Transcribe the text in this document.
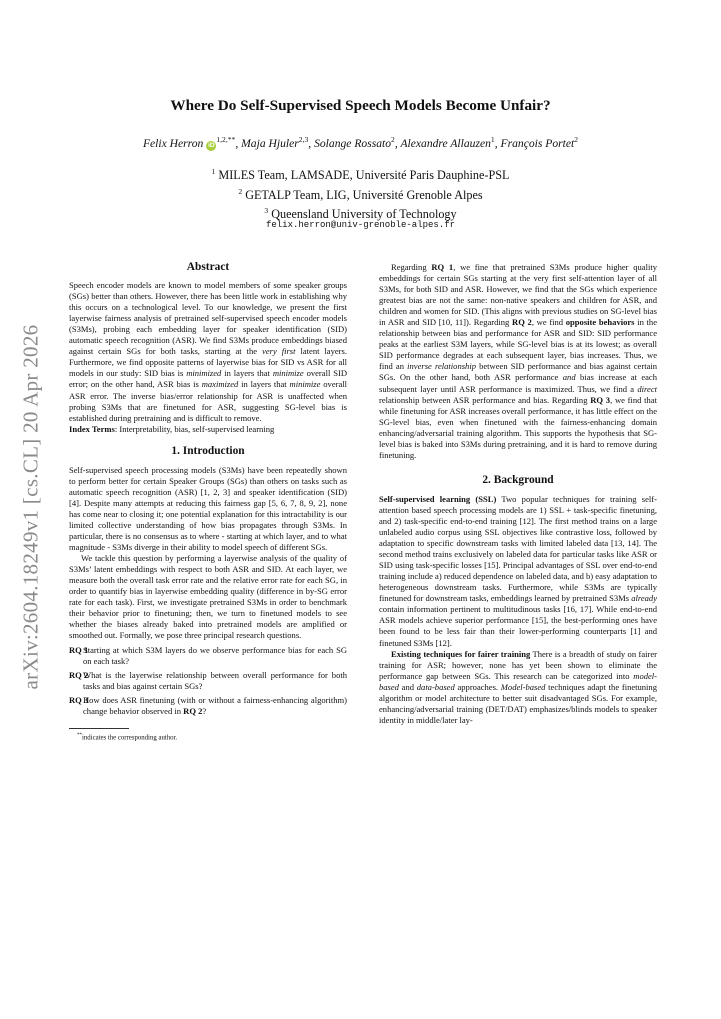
arXiv:2604.18249v1 [cs.CL] 20 Apr 2026
Where Do Self-Supervised Speech Models Become Unfair?
Felix Herron $iD^{1,2,**}$, Maja Hjuler$^{2,3}$, Solange Rossato$^2$, Alexandre Allauzen$^1$, François Portet$^2$
$^1$ MILES Team, LAMSADE, Université Paris Dauphine-PSL
$^2$ GETALP Team, LIG, Université Grenoble Alpes
$^3$ Queensland University of Technology
felix.herron@univ-grenoble-alpes.fr
Abstract

Speech encoder models are known to model members of some speaker groups (SGs) better than others. However, there has been little work in establishing why this occurs on a technological level. To our knowledge, we present the first layerwise fairness analysis of pretrained self-supervised speech encoder models (S3Ms), probing each embedding layer for speaker identification (SID) automatic speech recognition (ASR). We find S3Ms produce embeddings biased against certain SGs for both tasks, starting at the very first latent layers. Furthermore, we find opposite patterns of layerwise bias for SID vs ASR for all models in our study: SID bias is minimized in layers that minimize overall SID error; on the other hand, ASR bias is maximized in layers that minimize overall ASR error. The inverse bias/error relationship for ASR is unaffected when probing S3Ms that are finetuned for ASR, suggesting SG-level bias is established during pretraining and is difficult to remove.

Index Terms: Interpretability, bias, self-supervised learning

1. Introduction

Self-supervised speech processing models (S3Ms) have been repeatedly shown to perform better for certain Speaker Groups (SGs) than others on tasks such as automatic speech recognition (ASR) [1, 2, 3] and speaker identification (SID) [4]. Despite many attempts at reducing this fairness gap [5, 6, 7, 8, 9, 2], none has come near to closing it; one potential explanation for this intractability is our limited collective understanding of how bias propagates through S3Ms. In particular, there is no consensus as to where - starting at which layer, and to what magnitude - S3Ms diverge in their ability to model speech of different SGs.

We tackle this question by performing a layerwise analysis of the quality of S3Ms’ latent embeddings with respect to both ASR and SID. At each layer, we measure both the overall task error rate and the relative error rate for each SG, in order to quantify bias in layerwise embedding quality (difference in by-SG error rate for each task). First, we investigate pretrained S3Ms in order to benchmark their behavior prior to finetuning; then, we turn to finetuned models to see whether the biases already baked into pretrained models are amplified or smoothed out. Formally, we pose three principal research questions.

RQ 1
Starting at which S3M layers do we observe performance bias for each SG on each task?
RQ 2
What is the layerwise relationship between overall performance for both tasks and bias against certain SGs?
RQ 3
How does ASR finetuning (with or without a fairness-enhancing algorithm) change behavior observed in RQ 2?
**indicates the corresponding author.

Regarding RQ 1, we fine that pretrained S3Ms produce higher quality embeddings for certain SGs starting at the very first self-attention layer of all S3Ms, for both SID and ASR. However, we find that the SGs which experience greatest bias are not the same: non-native speakers and children for ASR, and children and women for SID. (This aligns with previous studies on SG-level bias in ASR and SID [10, 11]). Regarding RQ 2, we find opposite behaviors in the relationship between bias and performance for ASR and SID: SID performance peaks at the earliest S3M layers, while SG-level bias is at its lowest; as overall SID performance degrades at each subsequent layer, bias increases. Thus, we find an inverse relationship between SID performance and bias against certain SGs. On the other hand, both ASR performance and bias increase at each subsequent layer until ASR performance is maximized. Thus, we find a direct relationship between ASR performance and bias. Regarding RQ 3, we find that while finetuning for ASR increases overall performance, it has little effect on the SG-level bias, even when finetuned with the fairness-enhancing domain enhancing/adversarial training algorithm. This supports the hypothesis that SG-level bias is baked into S3Ms during pretraining, and it is hard to remove during finetuning.

2. Background

Self-supervised learning (SSL) Two popular techniques for training self-attention based speech processing models are 1) SSL + task-specific finetuning, and 2) task-specific end-to-end training [12]. The first method trains on a large unlabeled audio corpus using SSL objectives like contrastive loss, followed by adaptation to specific downstream tasks with limited labeled data [13, 14]. The second method trains exclusively on labeled data for particular tasks like ASR or SID using task-specific losses [15]. Principal advantages of SSL over end-to-end training include a) reduced dependence on labeled data, and b) easy adaptation to heterogeneous downstream tasks. Furthermore, while S3Ms are typically finetuned for downstream tasks, embeddings learned by pretrained S3Ms already contain information pertinent to multitudinous tasks [16, 17]. While end-to-end ASR models achieve superior performance [15], the best-performing ones have been found to be less fair than their lower-performing counterparts [1] and finetuned S3Ms [12].

Existing techniques for fairer training There is a breadth of study on fairer training for ASR; however, none has yet been shown to eliminate the performance gap between SGs. This research can be categorized into model-based and data-based approaches. Model-based techniques adapt the finetuning algorithm or model architecture to better suit disadvantaged SGs. For example, enhancing/adversarial training (DET/DAT) emphasizes/blinds models to speaker identity in middle/later lay-
